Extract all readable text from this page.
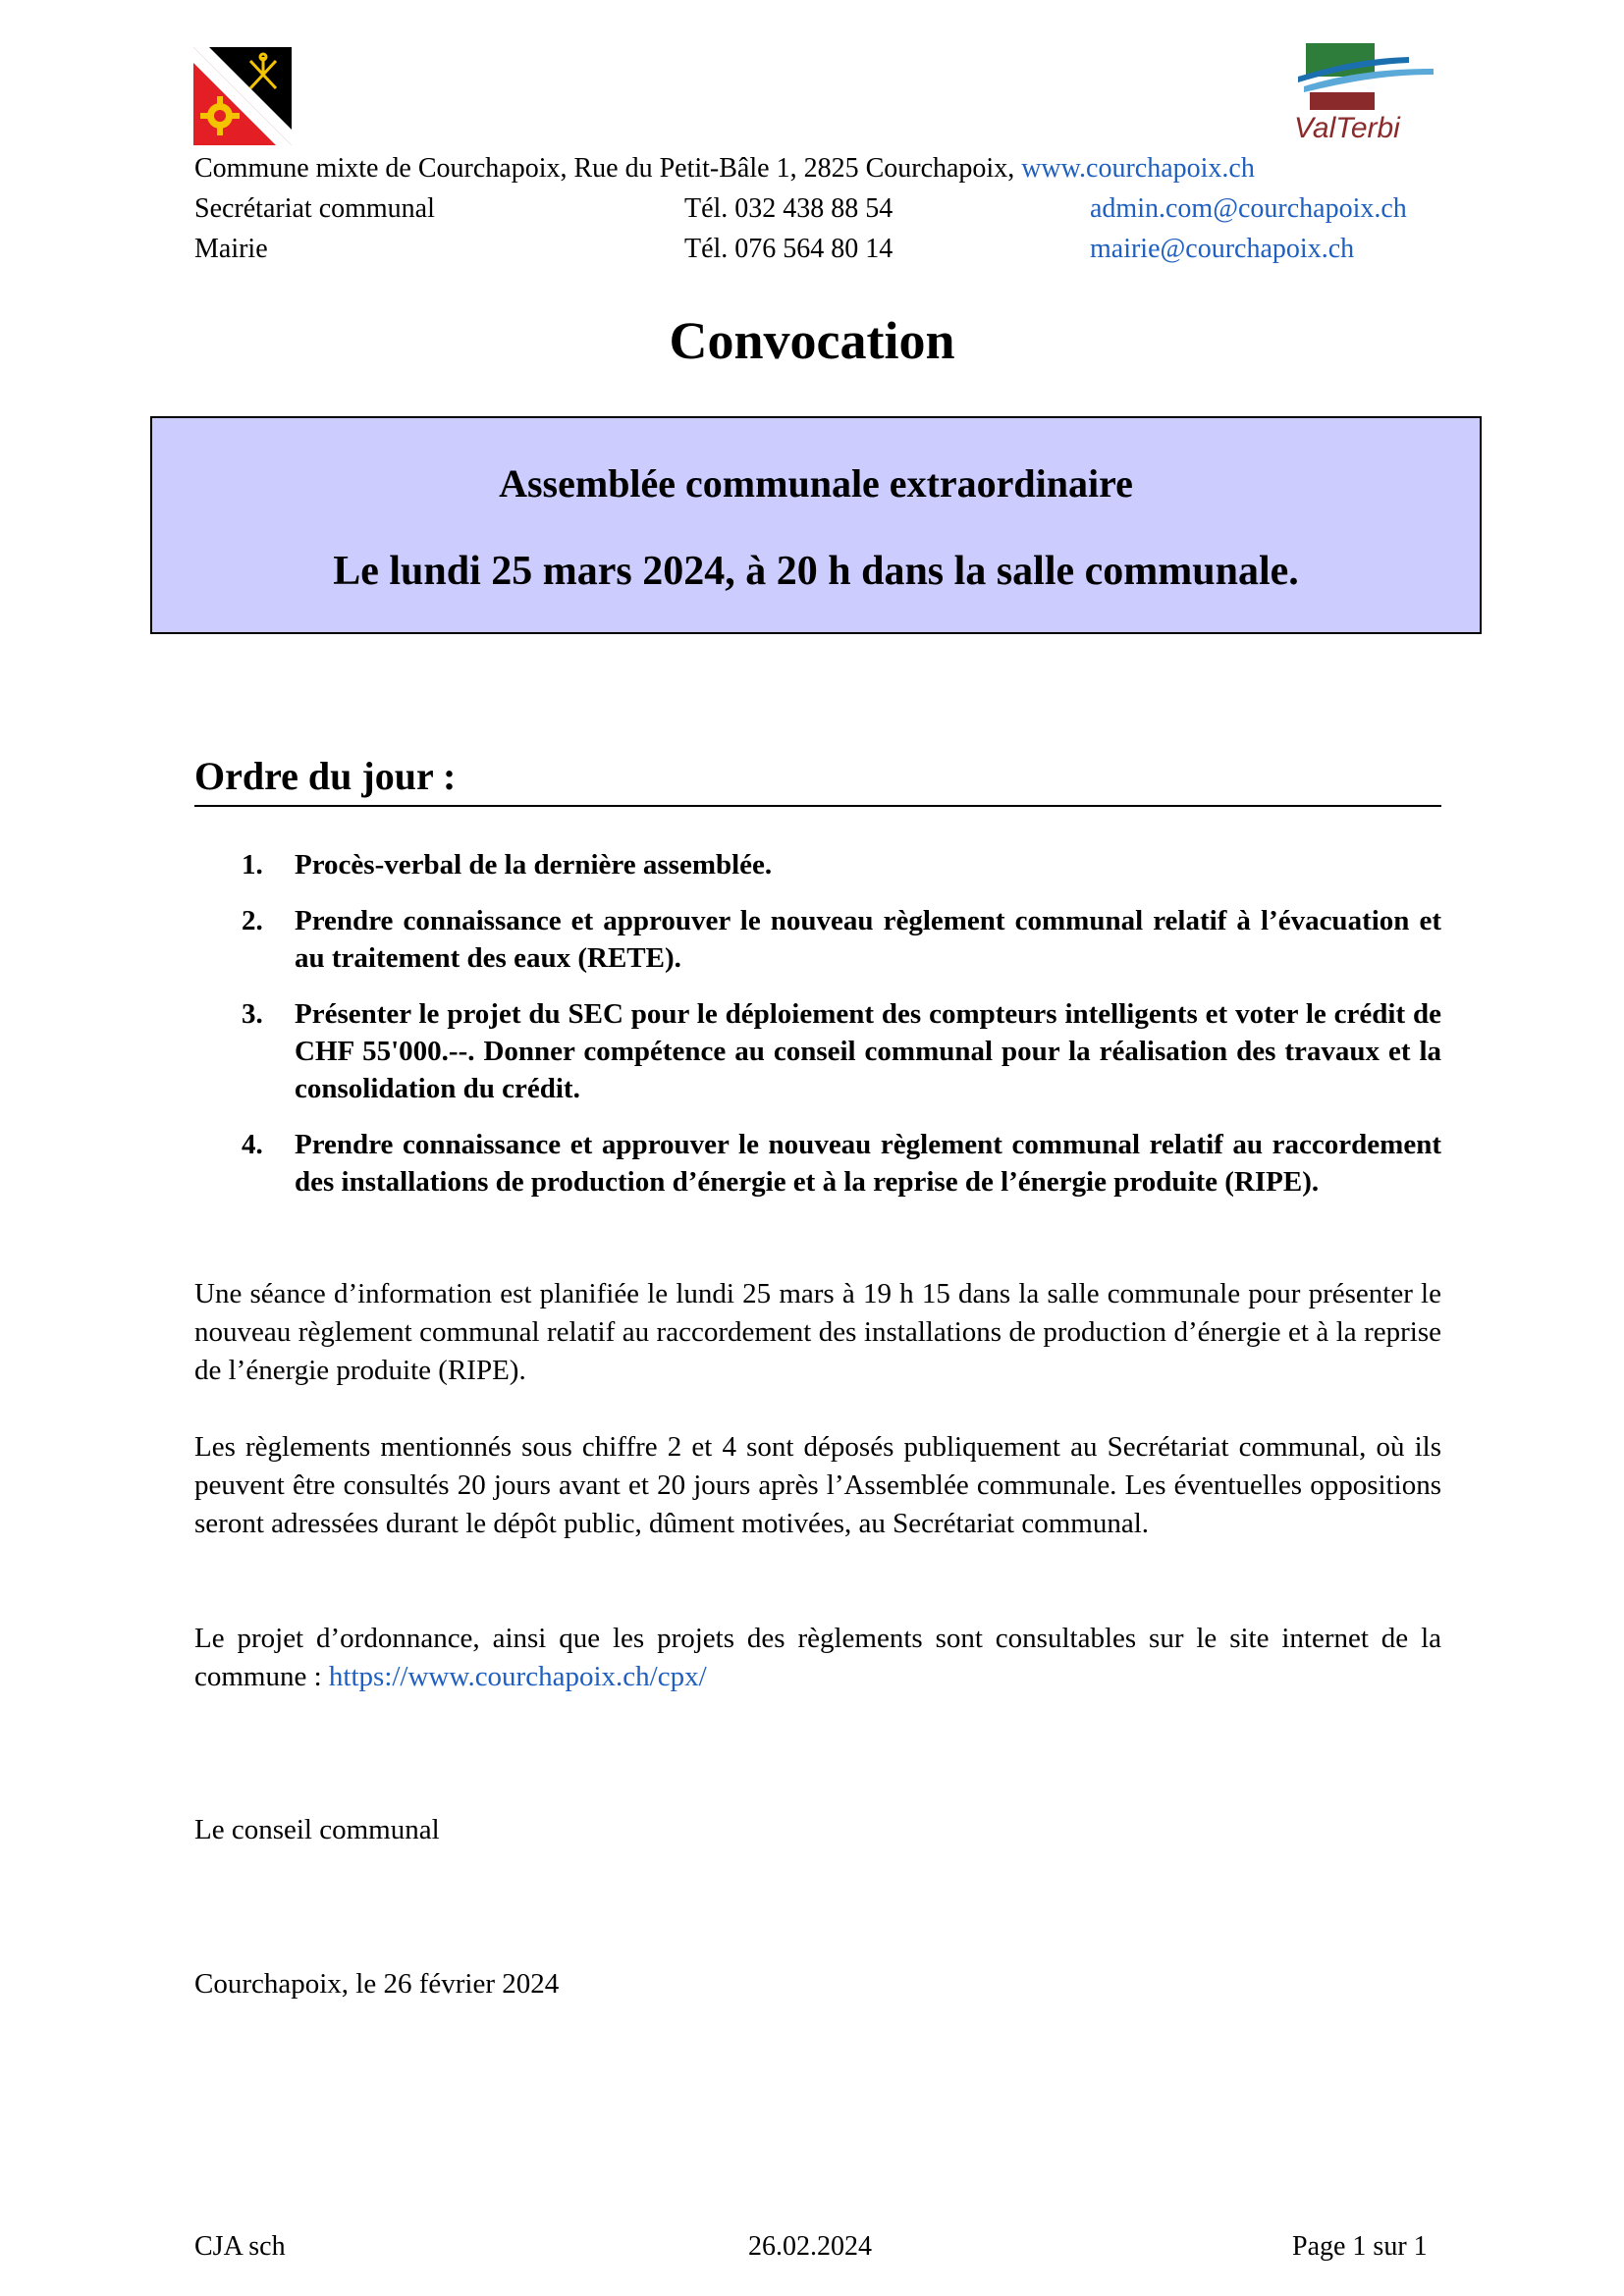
ValTerbi
Commune mixte de Courchapoix, Rue du Petit-Bâle 1, 2825 Courchapoix, www.courchapoix.ch
Secrétariat communal	Tél. 032 438 88 54	admin.com@courchapoix.ch
Mairie	Tél. 076 564 80 14	mairie@courchapoix.ch
Convocation
Assemblée communale extraordinaire
Le lundi 25 mars 2024, à 20 h dans la salle communale.
Ordre du jour :
1.	Procès-verbal de la dernière assemblée.
2.	Prendre connaissance et approuver le nouveau règlement communal relatif à l’évacuation et au traitement des eaux (RETE).
3.	Présenter le projet du SEC pour le déploiement des compteurs intelligents et voter le crédit de CHF 55'000.--. Donner compétence au conseil communal pour la réalisation des travaux et la consolidation du crédit.
4.	Prendre connaissance et approuver le nouveau règlement communal relatif au raccordement des installations de production d’énergie et à la reprise de l’énergie produite (RIPE).
Une séance d’information est planifiée le lundi 25 mars à 19 h 15 dans la salle communale pour présenter le nouveau règlement communal relatif au raccordement des installations de production d’énergie et à la reprise de l’énergie produite (RIPE).
Les règlements mentionnés sous chiffre 2 et 4 sont déposés publiquement au Secrétariat communal, où ils peuvent être consultés 20 jours avant et 20 jours après l’Assemblée communale. Les éventuelles oppositions seront adressées durant le dépôt public, dûment motivées, au Secrétariat communal.
Le projet d’ordonnance, ainsi que les projets des règlements sont consultables sur le site internet de la commune : https://www.courchapoix.ch/cpx/
Le conseil communal
Courchapoix, le 26 février 2024
CJA sch	26.02.2024	Page 1 sur 1
